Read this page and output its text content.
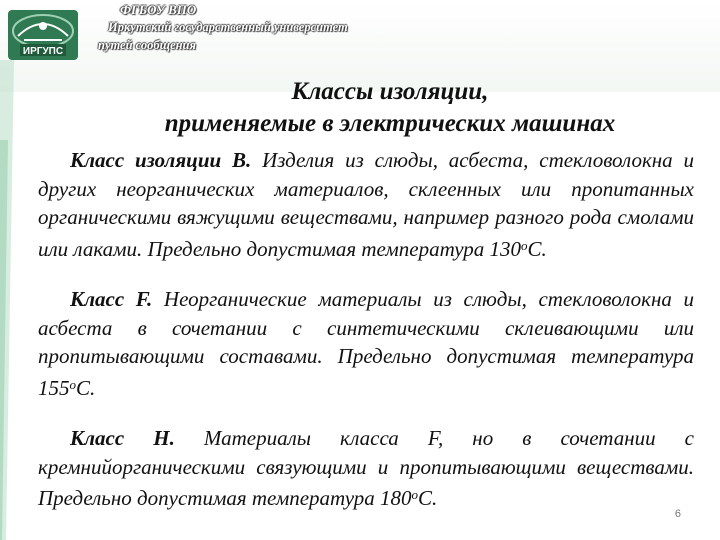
ИРГУПС
ФГБОУ ВПО
Иркутский государственный университет
путей сообщения
Классы изоляции,
применяемые в электрических машинах
Класс изоляции В. Изделия из слюды, асбеста, стекловолокна и других неорганических материалов, склеенных или пропитанных органическими вяжущими веществами, например разного рода смолами или лаками. Предельно допустимая температура $130^оС$.
Класс F. Неорганические материалы из слюды, стекловолокна и асбеста в сочетании с синтетическими склеивающими или пропитывающими составами. Предельно допустимая температура $155^оС$.
Класс Н. Материалы класса F, но в сочетании с кремнийорганическими связующими и пропитывающими веществами. Предельно допустимая температура $180^оС$.
6
